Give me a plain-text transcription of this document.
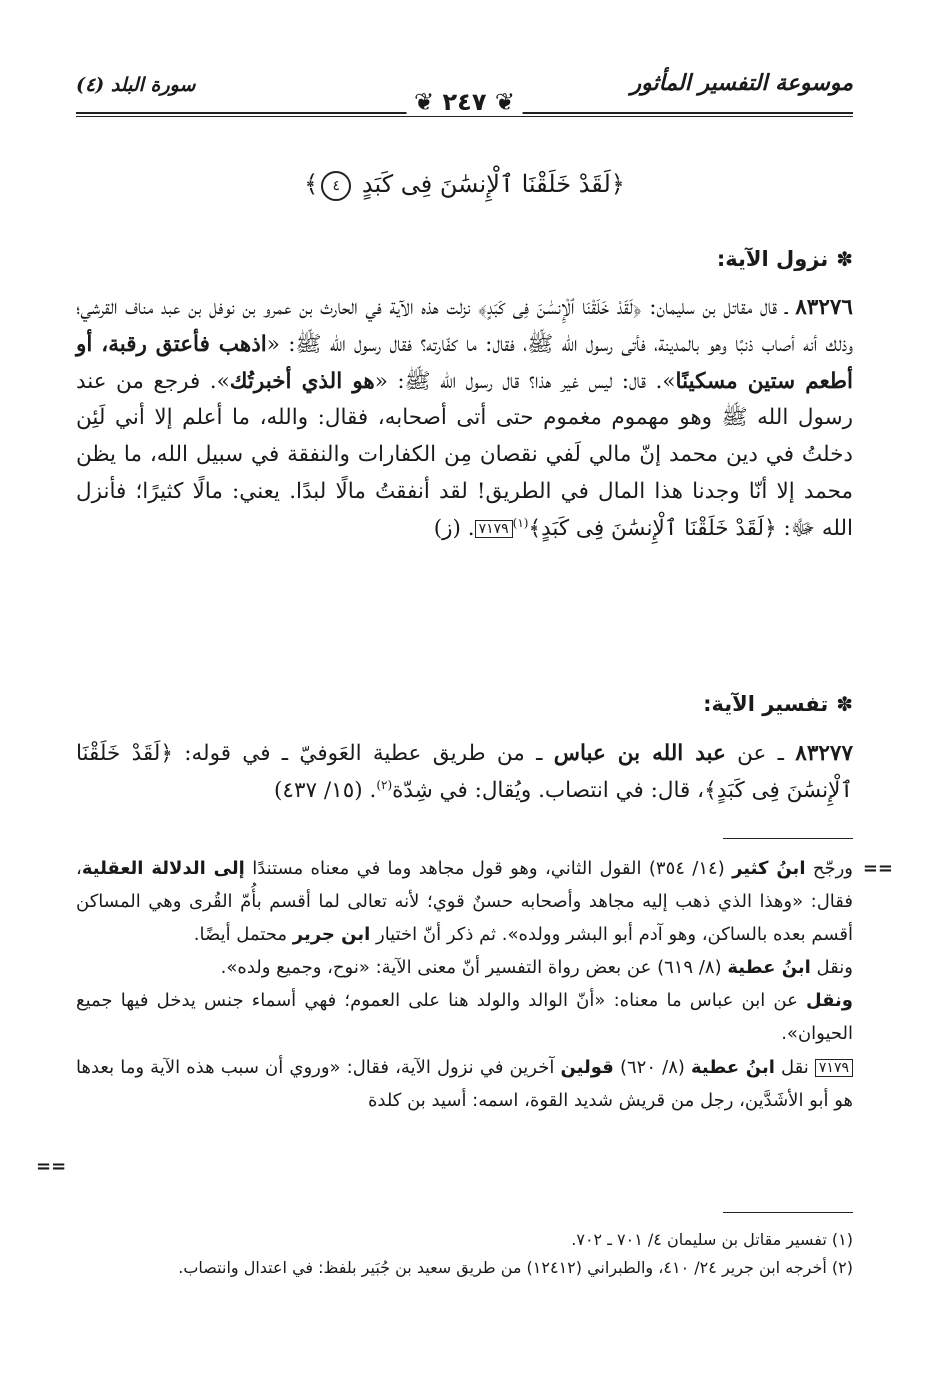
موسوعة التفسير المأثور
❦ ٢٤٧ ❦
سورة البلد (٤)
﴿لَقَدْ خَلَقْنَا ٱلْإِنسَٰنَ فِى كَبَدٍ ٤﴾
✽نزول الآية:
٨٣٢٧٦ ـ قال مقاتل بن سليمان: ﴿لَقَدْ خَلَقْنَا ٱلْإِنسَٰنَ فِى كَبَدٍ﴾ نزلت هذه الآية في الحارث بن عمرو بن نوفل بن عبد مناف القرشي؛ وذلك أنه أصاب ذنبًا وهو بالمدينة، فأتى رسول الله ﷺ، فقال: ما كفّارته؟ فقال رسول الله ﷺ: «اذهب فأعتق رقبة، أو أطعم ستين مسكينًا». قال: ليس غير هذا؟ قال رسول الله ﷺ: «هو الذي أخبرتُك». فرجع من عند رسول الله ﷺ وهو مهموم مغموم حتى أتى أصحابه، فقال: والله، ما أعلم إلا أني لَئِن دخلتُ في دين محمد إنّ مالي لَفي نقصان مِن الكفارات والنفقة في سبيل الله، ما يظن محمد إلا أنّا وجدنا هذا المال في الطريق! لقد أنفقتُ مالًا لبدًا. يعني: مالًا كثيرًا؛ فأنزل الله ﷻ: ﴿لَقَدْ خَلَقْنَا ٱلْإِنسَٰنَ فِى كَبَدٍ﴾$^{(١)}$٧١٧٩. (ز)
✽تفسير الآية:
٨٣٢٧٧ ـ عن عبد الله بن عباس ـ من طريق عطية العَوفيّ ـ في قوله: ﴿لَقَدْ خَلَقْنَا ٱلْإِنسَٰنَ فِى كَبَدٍ﴾، قال: في انتصاب. ويُقال: في شِدّة$^{(٢)}$. (١٥/ ٤٣٧)
==

ورجّح ابنُ كثير (١٤/ ٣٥٤) القول الثاني، وهو قول مجاهد وما في معناه مستندًا إلى الدلالة العقلية، فقال: «وهذا الذي ذهب إليه مجاهد وأصحابه حسنٌ قوي؛ لأنه تعالى لما أقسم بأُمّ القُرى وهي المساكن أقسم بعده بالساكن، وهو آدم أبو البشر وولده». ثم ذكر أنّ اختيار ابن جرير محتمل أيضًا.

ونقل ابنُ عطية (٨/ ٦١٩) عن بعض رواة التفسير أنّ معنى الآية: «نوح، وجميع ولده».

ونقل عن ابن عباس ما معناه: «أنّ الوالد والولد هنا على العموم؛ فهي أسماء جنس يدخل فيها جميع الحيوان».

٧١٧٩ نقل ابنُ عطية (٨/ ٦٢٠) قولين آخرين في نزول الآية، فقال: «وروي أن سبب هذه الآية وما بعدها هو أبو الأشَدَّين، رجل من قريش شديد القوة، اسمه: أسيد بن كلدة

==

(١) تفسير مقاتل بن سليمان ٤/ ٧٠١ ـ ٧٠٢.

(٢) أخرجه ابن جرير ٢٤/ ٤١٠، والطبراني (١٢٤١٢) من طريق سعيد بن جُبَير بلفظ: في اعتدال وانتصاب.
